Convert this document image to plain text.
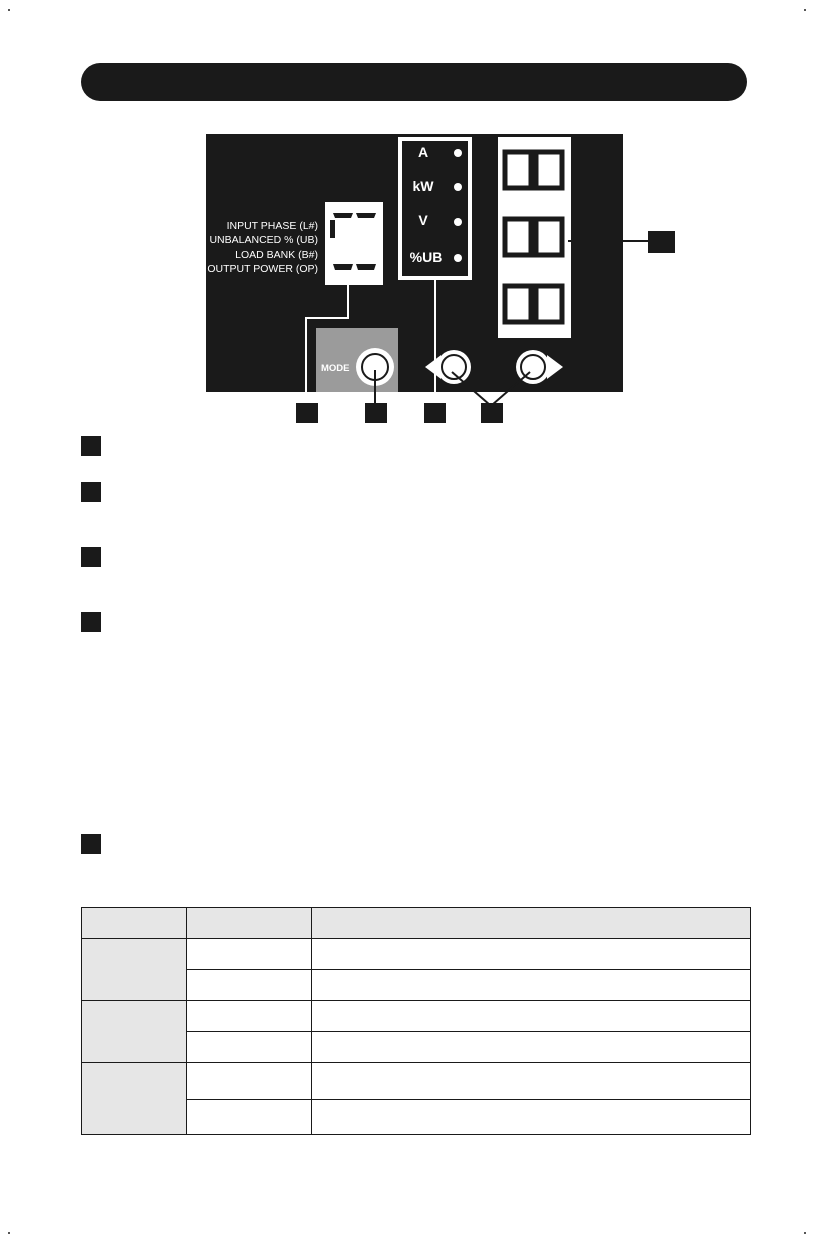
INPUT PHASE (L#)
UNBALANCED % (UB)
LOAD BANK (B#)
OUTPUT POWER (OP)
A
kW
V
%UB
MODE
